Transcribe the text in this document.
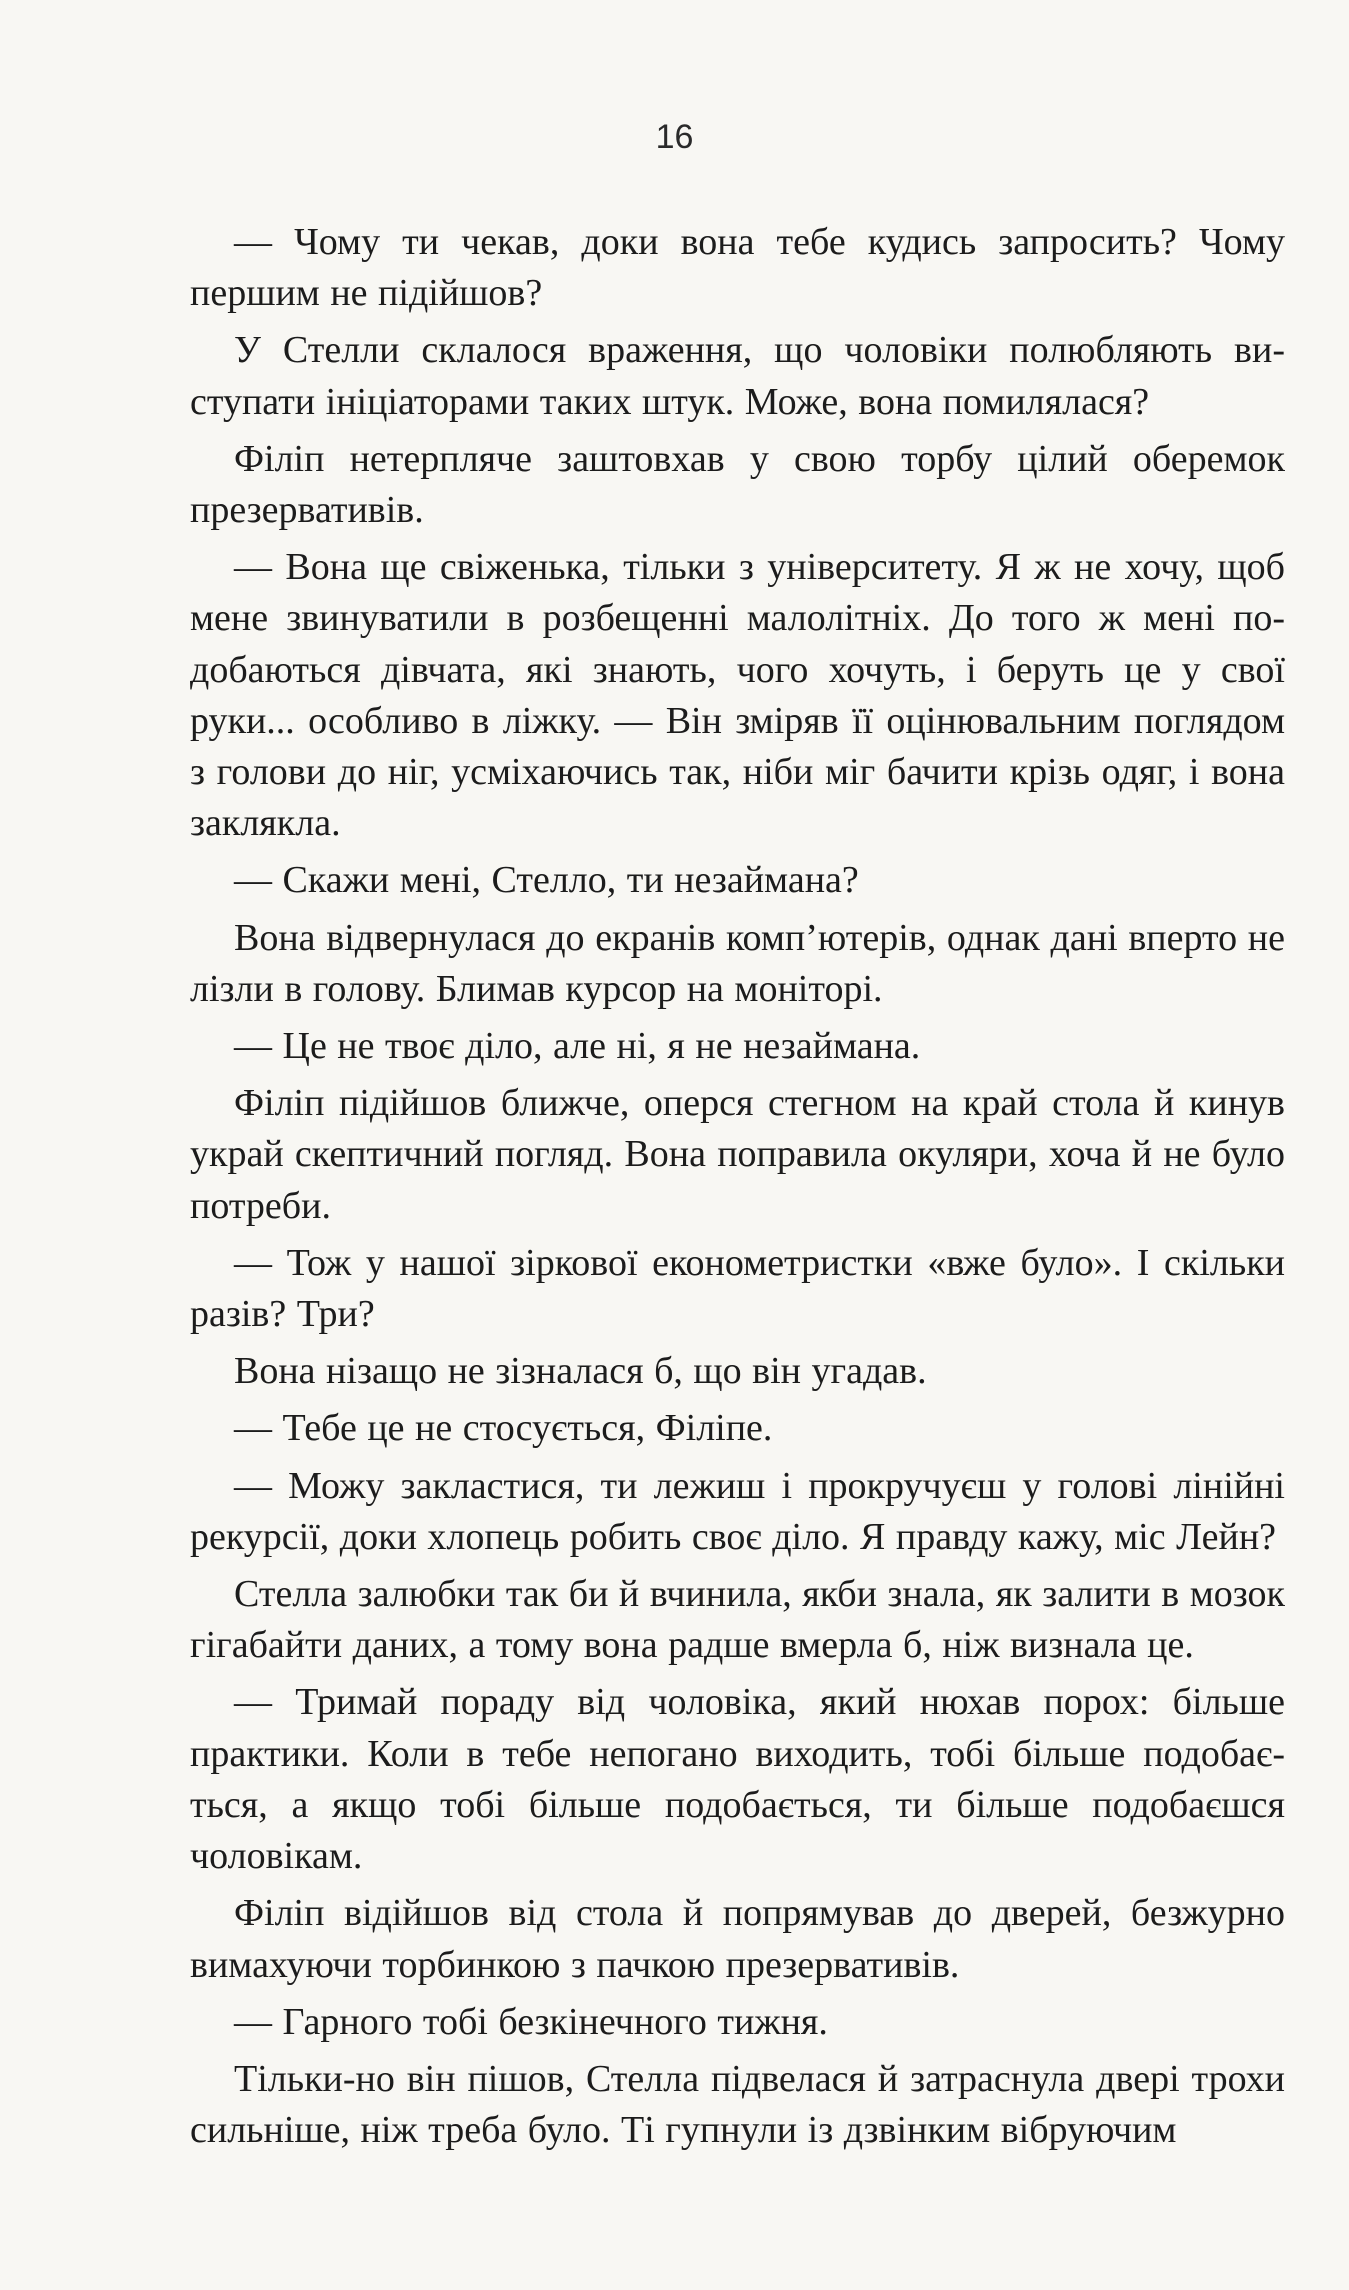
16

— Чому ти чекав, доки вона тебе кудись запросить? Чому першим не підійшов?

У Стелли склалося враження, що чоловіки полюбляють виступати ініціаторами таких штук. Може, вона помилялася?

Філіп нетерпляче заштовхав у свою торбу цілий оберемок презервативів.

— Вона ще свіженька, тільки з університету. Я ж не хочу, щоб мене звинуватили в розбещенні малолітніх. До того ж мені подобаються дівчата, які знають, чого хочуть, і беруть це у свої руки... особливо в ліжку. — Він зміряв її оцінювальним поглядом з голови до ніг, усміхаючись так, ніби міг бачити крізь одяг, і вона заклякла.

— Скажи мені, Стелло, ти незаймана?

Вона відвернулася до екранів комп’ютерів, однак дані вперто не лізли в голову. Блимав курсор на моніторі.

— Це не твоє діло, але ні, я не незаймана.

Філіп підійшов ближче, оперся стегном на край стола й кинув украй скептичний погляд. Вона поправила окуляри, хоча й не було потреби.

— Тож у нашої зіркової економетристки «вже було». І скільки разів? Три?

Вона нізащо не зізналася б, що він угадав.

— Тебе це не стосується, Філіпе.

— Можу закластися, ти лежиш і прокручуєш у голові лінійні рекурсії, доки хлопець робить своє діло. Я правду кажу, міс Лейн?

Стелла залюбки так би й вчинила, якби знала, як залити в мозок гігабайти даних, а тому вона радше вмерла б, ніж визнала це.

— Тримай пораду від чоловіка, який нюхав порох: більше практики. Коли в тебе непогано виходить, тобі більше подобається, а якщо тобі більше подобається, ти більше подобаєшся чоловікам.

Філіп відійшов від стола й попрямував до дверей, безжурно вимахуючи торбинкою з пачкою презервативів.

— Гарного тобі безкінечного тижня.

Тільки-но він пішов, Стелла підвелася й затраснула двері трохи сильніше, ніж треба було. Ті гупнули із дзвінким вібруючим
